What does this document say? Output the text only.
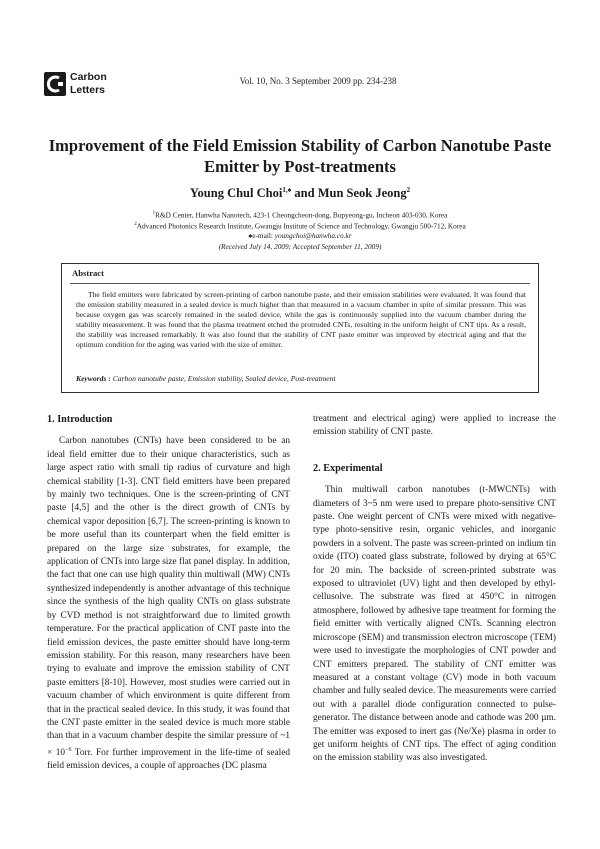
Carbon
Letters
Vol. 10, No. 3 September 2009 pp. 234-238
Improvement of the Field Emission Stability of Carbon Nanotube Paste Emitter by Post-treatments
Young Chul Choi$^{1,♠}$ and Mun Seok Jeong$^2$
$^1$R&D Center, Hanwha Nanotech, 423-1 Cheongcheon-dong, Bupyeong-gu, Incheon 403-030, Korea
$^2$Advanced Photonics Research Institute, Gwangju Institute of Science and Technology, Gwangju 500-712, Korea
♠e-mail: youngchoi@hanwha.co.kr
(Received July 14, 2009; Accepted September 11, 2009)
Abstract

The field emitters were fabricated by screen-printing of carbon nanotube paste, and their emission stabilities were evaluated. It was found that the emission stability measured in a sealed device is much higher than that measured in a vacuum chamber in spite of similar pressure. This was because oxygen gas was scarcely remained in the sealed device, while the gas is continuously supplied into the vacuum chamber during the stability measurement. It was found that the plasma treatment etched the protruded CNTs, resulting in the uniform height of CNT tips. As a result, the stability was increased remarkably. It was also found that the stability of CNT paste emitter was improved by electrical aging and that the optimum condition for the aging was varied with the size of emitter.

Keywords : Carbon nanotube paste, Emission stability, Sealed device, Post-treatment
1. Introduction

Carbon nanotubes (CNTs) have been considered to be an ideal field emitter due to their unique characteristics, such as large aspect ratio with small tip radius of curvature and high chemical stability [1-3]. CNT field emitters have been prepared by mainly two techniques. One is the screen-printing of CNT paste [4,5] and the other is the direct growth of CNTs by chemical vapor deposition [6,7]. The screen-printing is known to be more useful than its counterpart when the field emitter is prepared on the large size substrates, for example, the application of CNTs into large size flat panel display. In addition, the fact that one can use high quality thin multiwall (MW) CNTs synthesized independently is another advantage of this technique since the synthesis of the high quality CNTs on glass substrate by CVD method is not straightforward due to limited growth temperature. For the practical application of CNT paste into the field emission devices, the paste emitter should have long-term emission stability. For this reason, many researchers have been trying to evaluate and improve the emission stability of CNT paste emitters [8-10]. However, most studies were carried out in vacuum chamber of which environment is quite different from that in the practical sealed device. In this study, it was found that the CNT paste emitter in the sealed device is much more stable than that in a vacuum chamber despite the similar pressure of ~1 × $10^{-6}$ Torr. For further improvement in the life-time of sealed field emission devices, a couple of approaches (DC plasma

treatment and electrical aging) were applied to increase the emission stability of CNT paste.

2. Experimental

Thin multiwall carbon nanotubes (t-MWCNTs) with diameters of 3~5 nm were used to prepare photo-sensitive CNT paste. One weight percent of CNTs were mixed with negative-type photo-sensitive resin, organic vehicles, and inorganic powders in a solvent. The paste was screen-printed on indium tin oxide (ITO) coated glass substrate, followed by drying at 65°C for 20 min. The backside of screen-printed substrate was exposed to ultraviolet (UV) light and then developed by ethyl-cellusolve. The substrate was fired at 450°C in nitrogen atmosphere, followed by adhesive tape treatment for forming the field emitter with vertically aligned CNTs. Scanning electron microscope (SEM) and transmission electron microscope (TEM) were used to investigate the morphologies of CNT powder and CNT emitters prepared. The stability of CNT emitter was measured at a constant voltage (CV) mode in both vacuum chamber and fully sealed device. The measurements were carried out with a parallel diode configuration connected to pulse-generator. The distance between anode and cathode was 200 µm. The emitter was exposed to inert gas (Ne/Xe) plasma in order to get uniform heights of CNT tips. The effect of aging condition on the emission stability was also investigated.
